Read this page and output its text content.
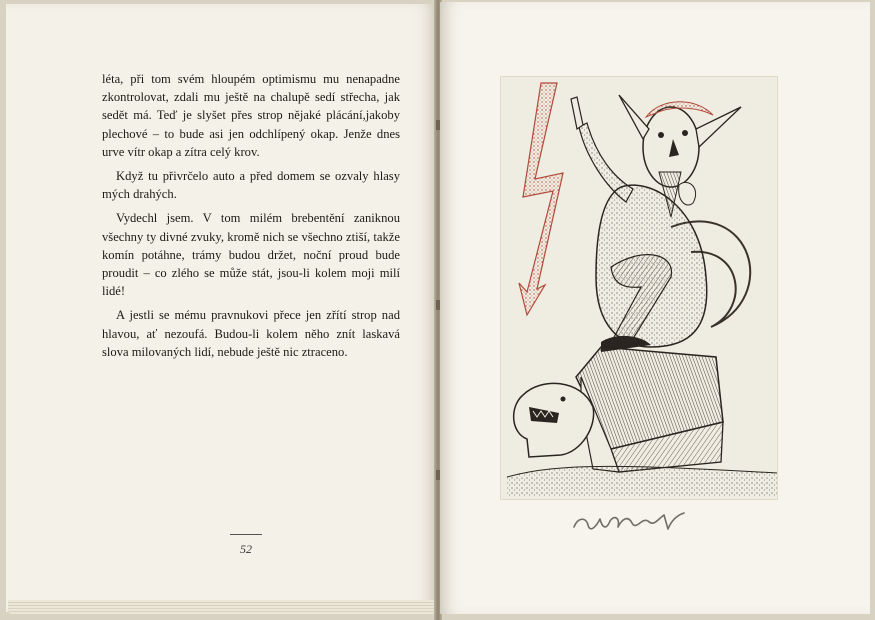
léta, při tom svém hloupém optimismu mu nenapadne zkontrolovat, zdali mu ještě na chalupě sedí střecha, jak sedět má. Teď je slyšet přes strop nějaké plácání,jakoby plechové – to bude asi jen odchlípený okap. Jenže dnes urve vítr okap a zítra celý krov.

Když tu přivrčelo auto a před domem se ozvaly hlasy mých drahých.

Vydechl jsem. V tom milém brebentění zaniknou všechny ty divné zvuky, kromě nich se všechno ztiší, takže komín potáhne, trámy budou držet, noční proud bude proudit – co zlého se může stát, jsou-li kolem moji milí lidé!

A jestli se mému pravnukovi přece jen zřítí strop nad hlavou, ať nezoufá. Budou-li kolem něho znít laskavá slova milovaných lidí, nebude ještě nic ztraceno.

52
